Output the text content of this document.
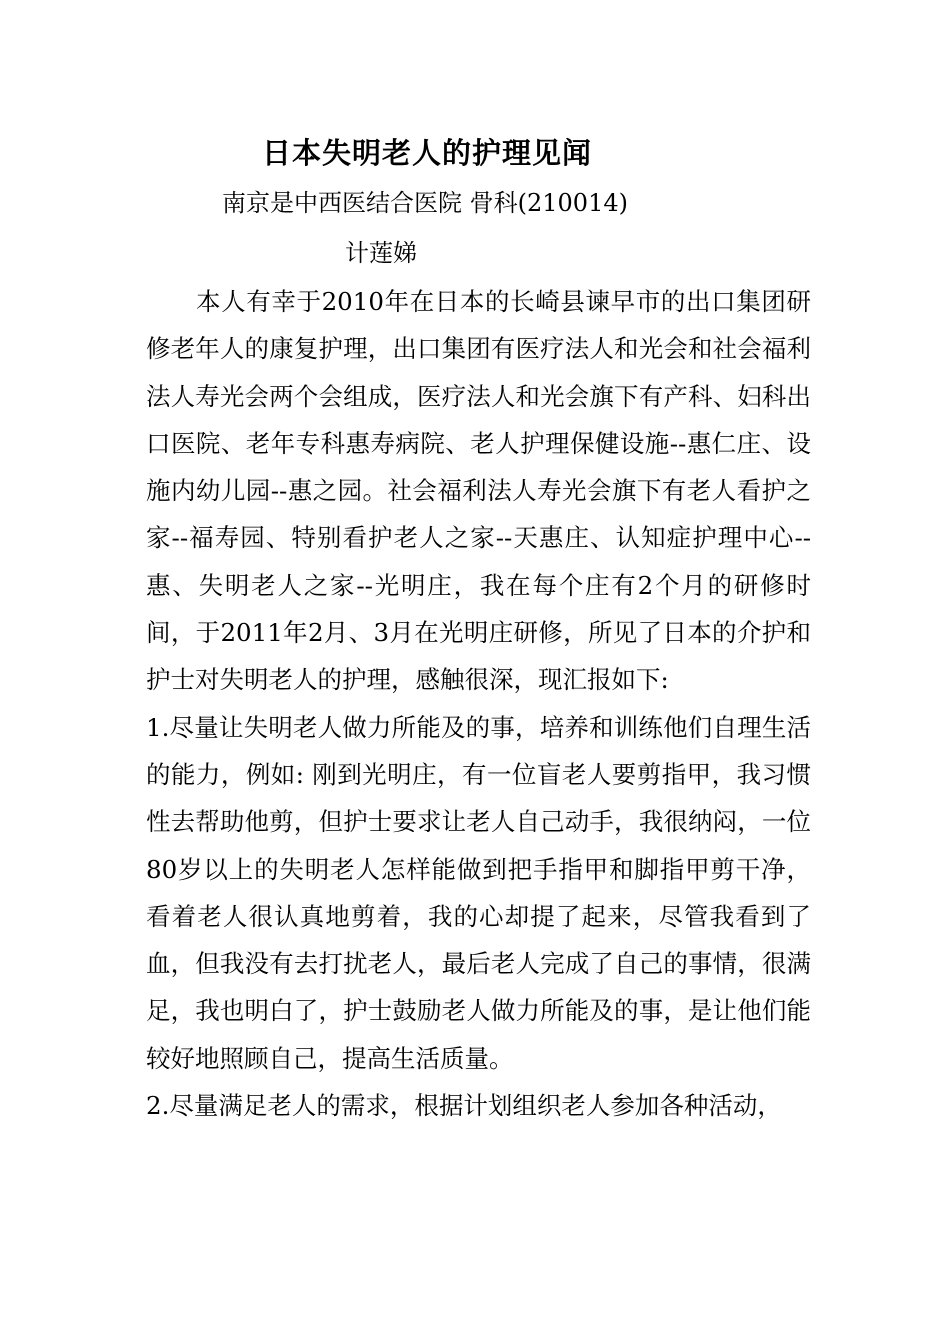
日本失明老人的护理见闻
南京是中西医结合医院 骨科(210014)
计莲娣

本人有幸于2010年在日本的长崎县谏早市的出口集团研修老年人的康复护理，出口集团有医疗法人和光会和社会福利法人寿光会两个会组成，医疗法人和光会旗下有产科、妇科出口医院、老年专科惠寿病院、老人护理保健设施--惠仁庄、设施内幼儿园--惠之园。社会福利法人寿光会旗下有老人看护之家--福寿园、特别看护老人之家--天惠庄、认知症护理中心--惠、失明老人之家--光明庄，我在每个庄有2个月的研修时间，于2011年2月、3月在光明庄研修，所见了日本的介护和护士对失明老人的护理，感触很深，现汇报如下:

1.尽量让失明老人做力所能及的事，培养和训练他们自理生活的能力，例如: 刚到光明庄，有一位盲老人要剪指甲，我习惯性去帮助他剪，但护士要求让老人自己动手，我很纳闷，一位80岁以上的失明老人怎样能做到把手指甲和脚指甲剪干净，看着老人很认真地剪着，我的心却提了起来，尽管我看到了血，但我没有去打扰老人，最后老人完成了自己的事情，很满足，我也明白了，护士鼓励老人做力所能及的事，是让他们能较好地照顾自己，提高生活质量。

2.尽量满足老人的需求，根据计划组织老人参加各种活动，
